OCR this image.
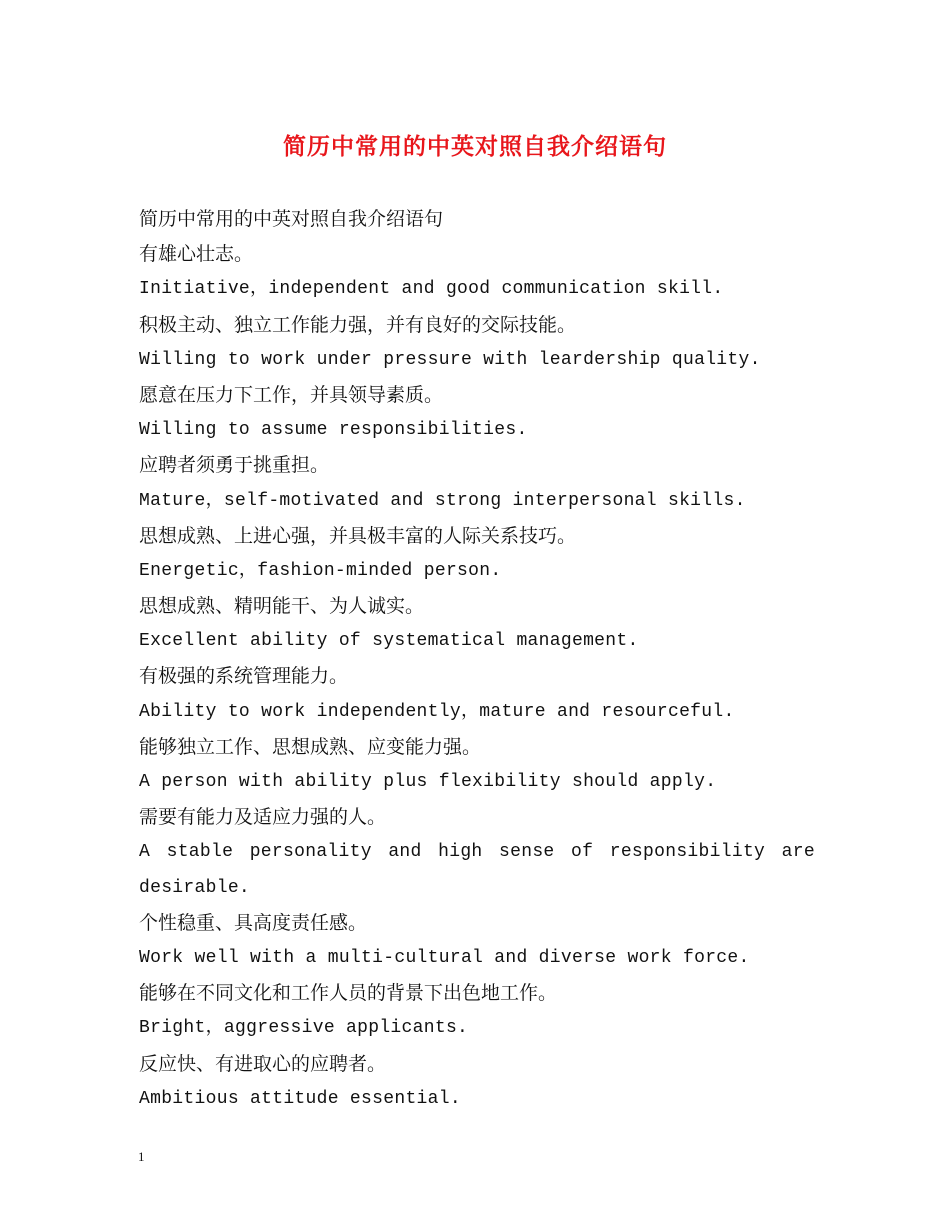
简历中常用的中英对照自我介绍语句
简历中常用的中英对照自我介绍语句
有雄心壮志。
Initiative，independent and good communication skill.
积极主动、独立工作能力强，并有良好的交际技能。
Willing to work under pressure with leardership quality.
愿意在压力下工作，并具领导素质。
Willing to assume responsibilities.
应聘者须勇于挑重担。
Mature，self-motivated and strong interpersonal skills.
思想成熟、上进心强，并具极丰富的人际关系技巧。
Energetic，fashion-minded person.
思想成熟、精明能干、为人诚实。
Excellent ability of systematical management.
有极强的系统管理能力。
Ability to work independently，mature and resourceful.
能够独立工作、思想成熟、应变能力强。
A person with ability plus flexibility should apply.
需要有能力及适应力强的人。
A stable personality and high sense of responsibility are
desirable.
个性稳重、具高度责任感。
Work well with a multi-cultural and diverse work force.
能够在不同文化和工作人员的背景下出色地工作。
Bright，aggressive applicants.
反应快、有进取心的应聘者。
Ambitious attitude essential.
1
